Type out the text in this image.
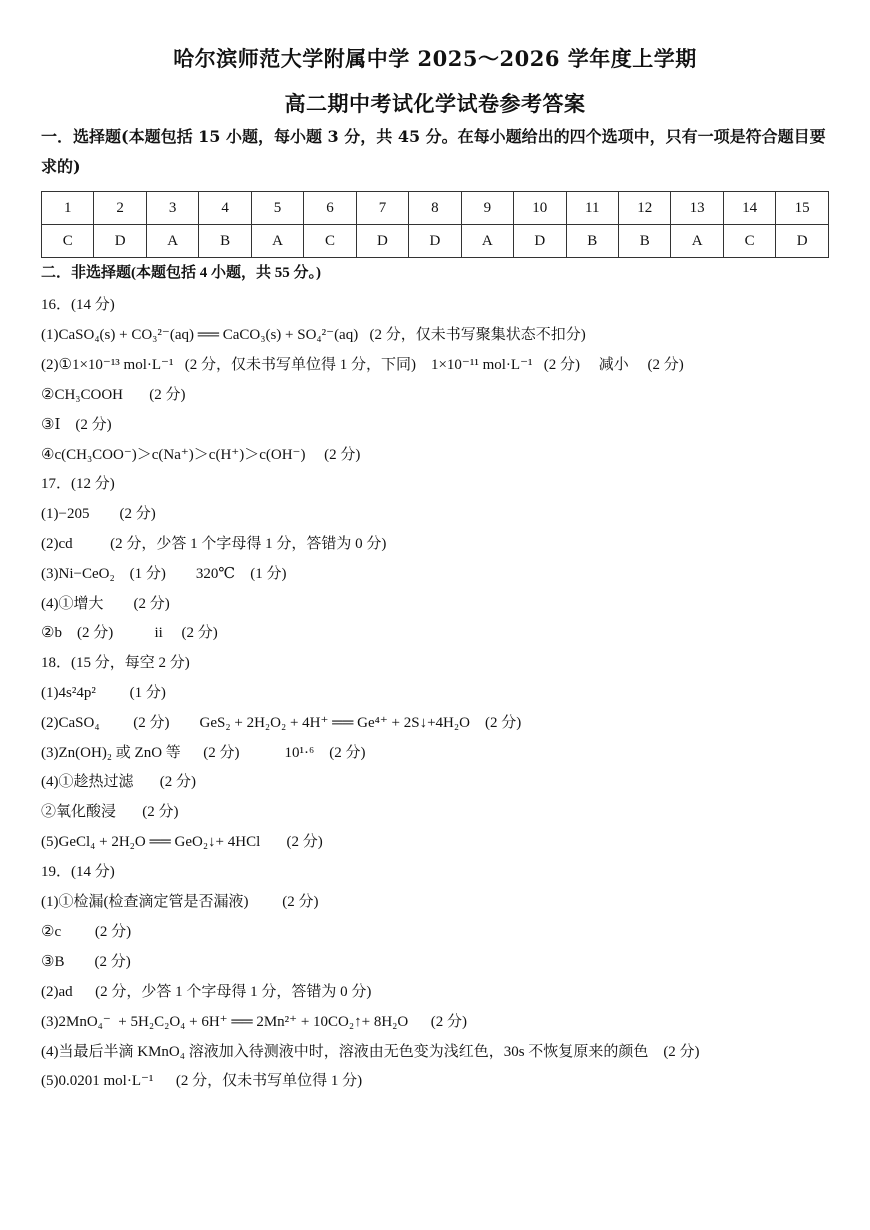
哈尔滨师范大学附属中学 2025～2026 学年度上学期
高二期中考试化学试卷参考答案
一．选择题(本题包括 15 小题，每小题 3 分，共 45 分。在每小题给出的四个选项中，只有一项是符合题目要求的)
1	2	3	4	5	6	7	8	9	10	11	12	13	14	15
C	D	A	B	A	C	D	D	A	D	B	B	A	C	D
二．非选择题(本题包括 4 小题，共 55 分。)
16．(14 分)
(1)CaSO₄(s) + CO₃²⁻(aq) ══ CaCO₃(s) + SO₄²⁻(aq)   (2 分，仅未书写聚集状态不扣分)
(2)①1×10⁻¹³ mol·L⁻¹   (2 分，仅未书写单位得 1 分，下同)    1×10⁻¹¹ mol·L⁻¹   (2 分)     减小     (2 分)
②CH₃COOH       (2 分)
③Ⅰ    (2 分)
④c(CH₃COO⁻)＞c(Na⁺)＞c(H⁺)＞c(OH⁻)     (2 分)
17．(12 分)
(1)−205        (2 分)
(2)cd          (2 分，少答 1 个字母得 1 分，答错为 0 分)
(3)Ni−CeO₂    (1 分)        320℃    (1 分)
(4)①增大        (2 分)
②b    (2 分)           ii     (2 分)
18．(15 分，每空 2 分)
(1)4s²4p²         (1 分)
(2)CaSO₄         (2 分)        GeS₂ + 2H₂O₂ + 4H⁺ ══ Ge⁴⁺ + 2S↓+4H₂O    (2 分)
(3)Zn(OH)₂ 或 ZnO 等      (2 分)            10¹·⁶    (2 分)
(4)①趁热过滤       (2 分)
②氧化酸浸       (2 分)
(5)GeCl₄ + 2H₂O ══ GeO₂↓+ 4HCl       (2 分)
19．(14 分)
(1)①检漏(检查滴定管是否漏液)         (2 分)
②c         (2 分)
③B        (2 分)
(2)ad      (2 分，少答 1 个字母得 1 分，答错为 0 分)
(3)2MnO₄⁻  + 5H₂C₂O₄ + 6H⁺ ══ 2Mn²⁺ + 10CO₂↑+ 8H₂O      (2 分)
(4)当最后半滴 KMnO₄ 溶液加入待测液中时，溶液由无色变为浅红色，30s 不恢复原来的颜色    (2 分)
(5)0.0201 mol·L⁻¹      (2 分，仅未书写单位得 1 分)
